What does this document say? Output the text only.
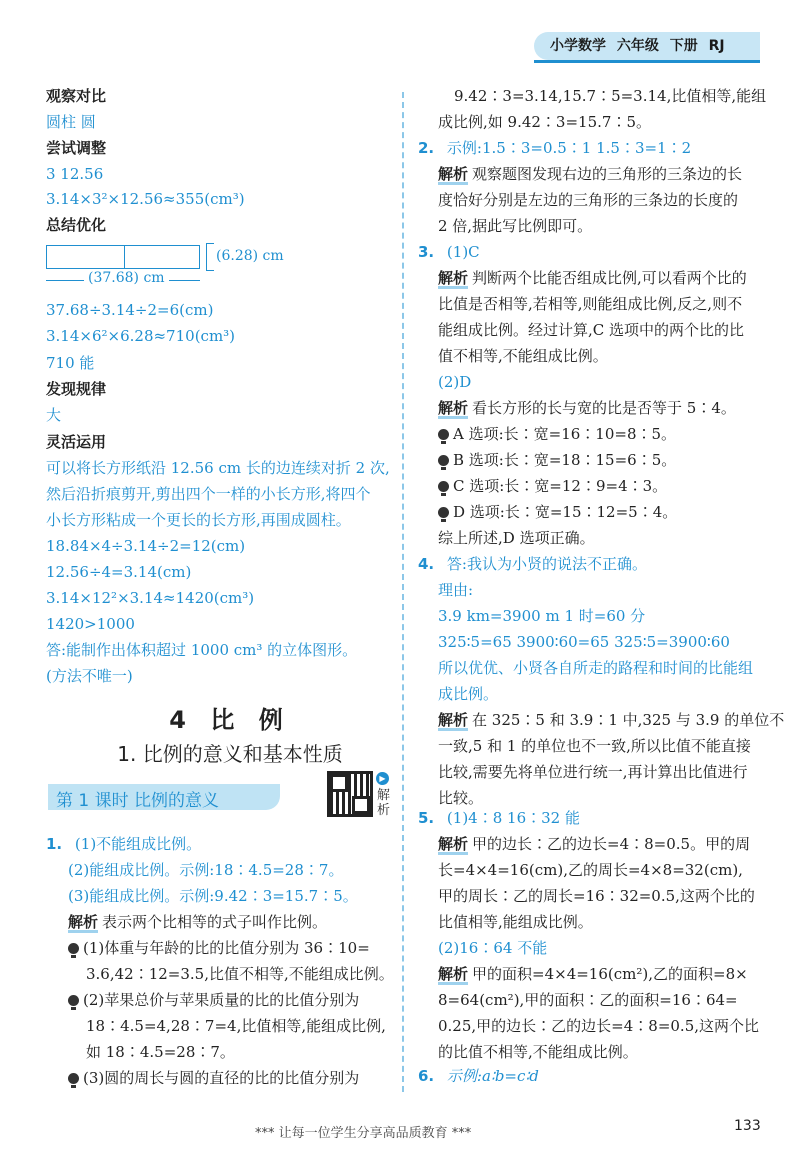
小学数学 六年级 下册 RJ
观察对比
圆柱 圆
尝试调整
3 12.56
3.14×3²×12.56≈355(cm³)
总结优化
(6.28) cm
(37.68) cm
37.68÷3.14÷2=6(cm)
3.14×6²×6.28≈710(cm³)
710 能
发现规律
大
灵活运用
可以将长方形纸沿 12.56 cm 长的边连续对折 2 次,
然后沿折痕剪开,剪出四个一样的小长方形,将四个
小长方形粘成一个更长的长方形,再围成圆柱。
18.84×4÷3.14÷2=12(cm)
12.56÷4=3.14(cm)
3.14×12²×3.14≈1420(cm³)
1420>1000
答:能制作出体积超过 1000 cm³ 的立体图形。
(方法不唯一)
4 比 例
1. 比例的意义和基本性质
第 1 课时 比例的意义
▶
解析
1. (1)不能组成比例。
(2)能组成比例。示例:18∶4.5=28∶7。
(3)能组成比例。示例:9.42∶3=15.7∶5。
解析 表示两个比相等的式子叫作比例。
(1)体重与年龄的比的比值分别为 36∶10=
3.6,42∶12=3.5,比值不相等,不能组成比例。
(2)苹果总价与苹果质量的比的比值分别为
18∶4.5=4,28∶7=4,比值相等,能组成比例,
如 18∶4.5=28∶7。
(3)圆的周长与圆的直径的比的比值分别为
9.42∶3=3.14,15.7∶5=3.14,比值相等,能组
成比例,如 9.42∶3=15.7∶5。
2. 示例:1.5∶3=0.5∶1 1.5∶3=1∶2
解析 观察题图发现右边的三角形的三条边的长
度恰好分别是左边的三角形的三条边的长度的
2 倍,据此写比例即可。
3. (1)C
解析 判断两个比能否组成比例,可以看两个比的
比值是否相等,若相等,则能组成比例,反之,则不
能组成比例。经过计算,C 选项中的两个比的比
值不相等,不能组成比例。
(2)D
解析 看长方形的长与宽的比是否等于 5∶4。
A 选项:长∶宽=16∶10=8∶5。
B 选项:长∶宽=18∶15=6∶5。
C 选项:长∶宽=12∶9=4∶3。
D 选项:长∶宽=15∶12=5∶4。
综上所述,D 选项正确。
4. 答:我认为小贤的说法不正确。
理由:
3.9 km=3900 m 1 时=60 分
325∶5=65 3900∶60=65 325∶5=3900∶60
所以优优、小贤各自所走的路程和时间的比能组
成比例。
解析 在 325∶5 和 3.9∶1 中,325 与 3.9 的单位不
一致,5 和 1 的单位也不一致,所以比值不能直接
比较,需要先将单位进行统一,再计算出比值进行
比较。
5. (1)4∶8 16∶32 能
解析 甲的边长∶乙的边长=4∶8=0.5。甲的周
长=4×4=16(cm),乙的周长=4×8=32(cm),
甲的周长∶乙的周长=16∶32=0.5,这两个比的
比值相等,能组成比例。
(2)16∶64 不能
解析 甲的面积=4×4=16(cm²),乙的面积=8×
8=64(cm²),甲的面积∶乙的面积=16∶64=
0.25,甲的边长∶乙的边长=4∶8=0.5,这两个比
的比值不相等,不能组成比例。
6. 示例:a∶b=c∶d
*** 让每一位学生分享高品质教育 ***	133
